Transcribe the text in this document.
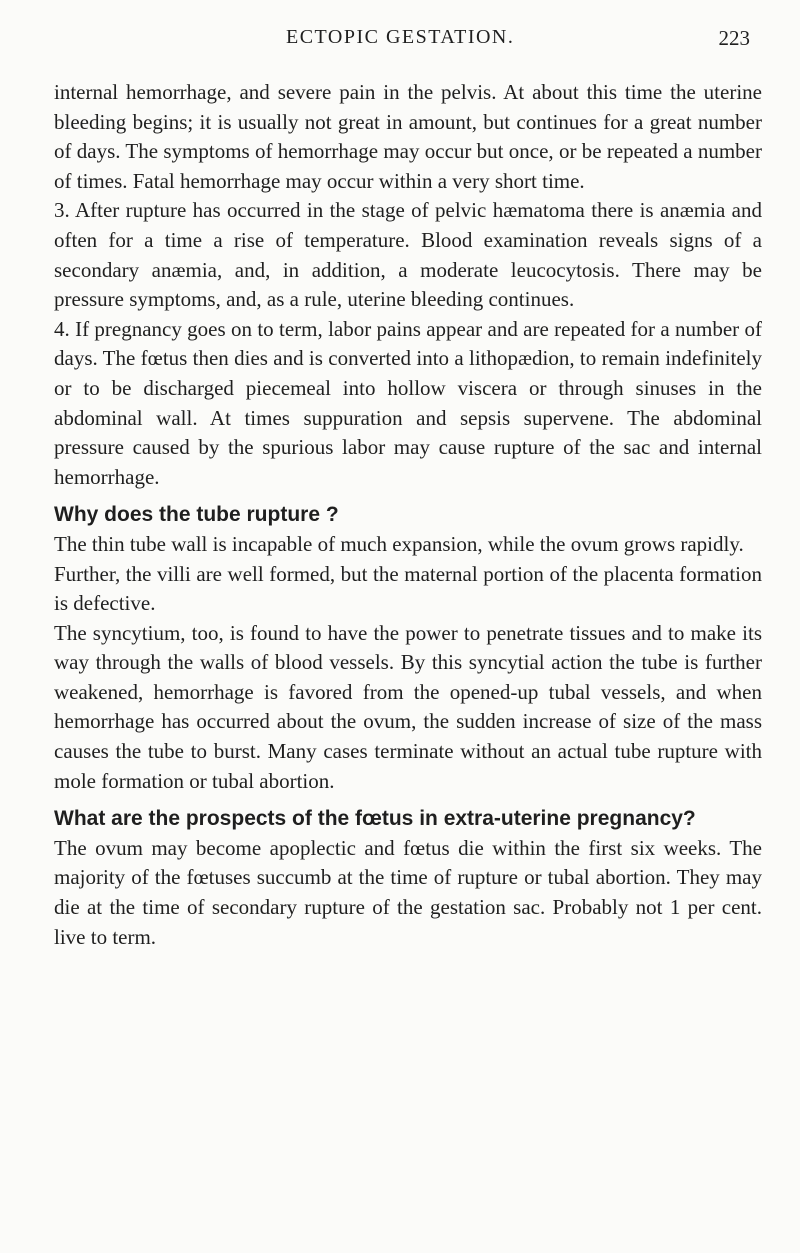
ECTOPIC GESTATION.	223

internal hemorrhage, and severe pain in the pelvis. At about this time the uterine bleeding begins; it is usually not great in amount, but continues for a great number of days. The symptoms of hemorrhage may occur but once, or be repeated a number of times. Fatal hemorrhage may occur within a very short time.

3. After rupture has occurred in the stage of pelvic hæmatoma there is anæmia and often for a time a rise of temperature. Blood examination reveals signs of a secondary anæmia, and, in addition, a moderate leucocytosis. There may be pressure symptoms, and, as a rule, uterine bleeding continues.

4. If pregnancy goes on to term, labor pains appear and are repeated for a number of days. The fœtus then dies and is converted into a lithopædion, to remain indefinitely or to be discharged piecemeal into hollow viscera or through sinuses in the abdominal wall. At times suppuration and sepsis supervene. The abdominal pressure caused by the spurious labor may cause rupture of the sac and internal hemorrhage.

Why does the tube rupture ?

The thin tube wall is incapable of much expansion, while the ovum grows rapidly.

Further, the villi are well formed, but the maternal portion of the placenta formation is defective.

The syncytium, too, is found to have the power to penetrate tissues and to make its way through the walls of blood vessels. By this syncytial action the tube is further weakened, hemorrhage is favored from the opened-up tubal vessels, and when hemorrhage has occurred about the ovum, the sudden increase of size of the mass causes the tube to burst. Many cases terminate without an actual tube rupture with mole formation or tubal abortion.

What are the prospects of the fœtus in extra-uterine pregnancy?

The ovum may become apoplectic and fœtus die within the first six weeks. The majority of the fœtuses succumb at the time of rupture or tubal abortion. They may die at the time of secondary rupture of the gestation sac. Probably not 1 per cent. live to term.
